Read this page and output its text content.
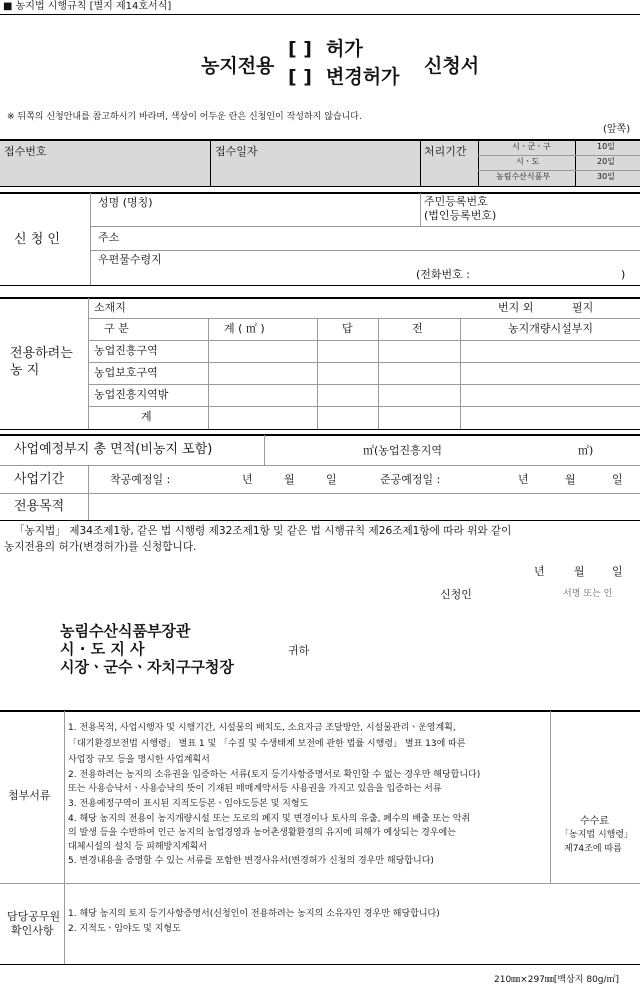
■ 농지법 시행규칙 [별지 제14호서식]
농지전용
[ ] 허가
[ ] 변경허가 신청서
※ 뒤쪽의 신청안내를 참고하시기 바라며, 색상이 어두운 란은 신청인이 작성하지 않습니다.
(앞쪽)
접수번호	접수일자	처리기간	시ㆍ군ㆍ구	10일
시ㆍ도	20일
농림수산식품부	30일
신 청 인
성명 (명칭)	주민등록번호
(법인등록번호)
주소
우편물수령지
(전화번호 :	)
전용하려는
농 지
소재지	번지 외	필지
구 분	계 ( ㎡ )	답	전	농지개량시설부지
농업진흥구역
농업보호구역
농업진흥지역밖
계
사업예정부지 총 면적(비농지 포함)	㎡(농업진흥지역	㎡)
사업기간	착공예정일 :	년	월	일	준공예정일 :	년	월	일
전용목적
「농지법」 제34조제1항, 같은 법 시행령 제32조제1항 및 같은 법 시행규칙 제26조제1항에 따라 위와 같이
농지전용의 허가(변경허가)를 신청합니다.
년	월 일
신청인	서명 또는 인
농림수산식품부장관
시 · 도 지 사
시장ㆍ군수ㆍ자치구구청장
귀하
첨부서류
1. 전용목적, 사업시행자 및 시행기간, 시설물의 배치도, 소요자금 조달방안, 시설물관리ㆍ운영계획,
「대기환경보전법 시행령」 별표 1 및 「수질 및 수생태계 보전에 관한 법률 시행령」 별표 13에 따른
사업장 규모 등을 명시한 사업계획서
2. 전용하려는 농지의 소유권을 입증하는 서류(토지 등기사항증명서로 확인할 수 없는 경우만 해당합니다)
또는 사용승낙서ㆍ사용승낙의 뜻이 기재된 매매계약서등 사용권을 가지고 있음을 입증하는 서류
3. 전용예정구역이 표시된 지적도등본ㆍ임야도등본 및 지형도
4. 해당 농지의 전용이 농지개량시설 또는 도로의 폐지 및 변경이나 토사의 유출, 폐수의 배출 또는 악취
의 발생 등을 수반하여 인근 농지의 농업경영과 농어촌생활환경의 유지에 피해가 예상되는 경우에는
대체시설의 설치 등 피해방지계획서
5. 변경내용을 증명할 수 있는 서류를 포함한 변경사유서(변경허가 신청의 경우만 해당합니다)
수수료
「농지법 시행령」
제74조에 따름
담당공무원
확인사항
1. 해당 농지의 토지 등기사항증명서(신청인이 전용하려는 농지의 소유자인 경우만 해당합니다)
2. 지적도ㆍ임야도 및 지형도
210㎜×297㎜[백상지 80g/㎡]
